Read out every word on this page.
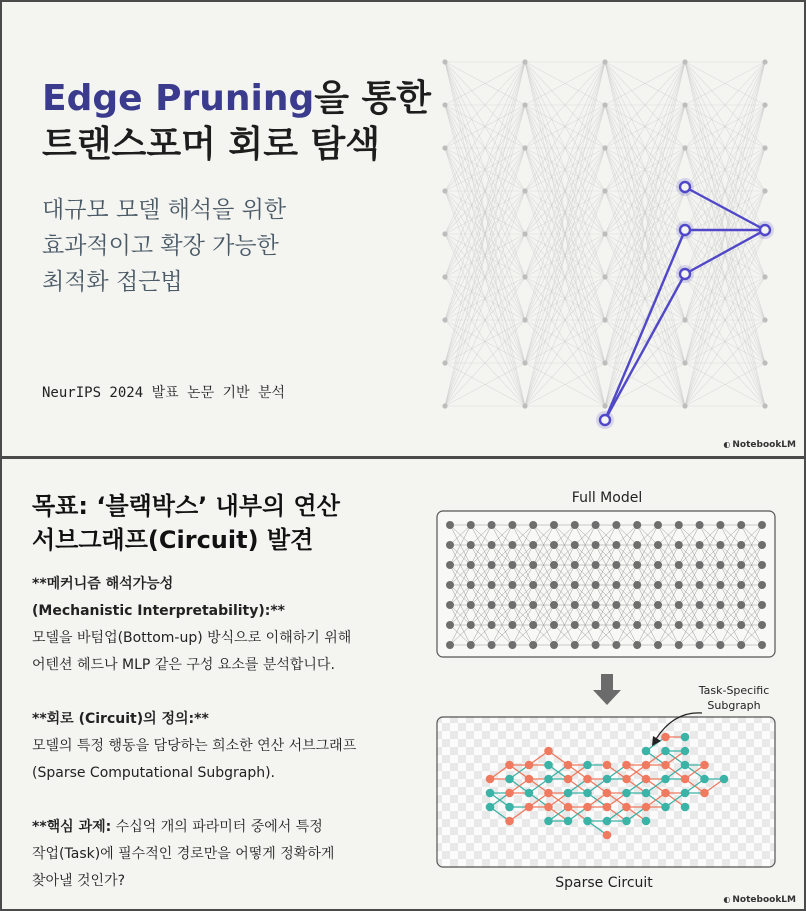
Edge Pruning을 통한
트랜스포머 회로 탐색
대규모 모델 해석을 위한
효과적이고 확장 가능한
최적화 접근법
NeurIPS 2024 발표 논문 기반 분석
◐ NotebookLM
Full Model
Task-Specific
Subgraph
Sparse Circuit
목표: ‘블랙박스’ 내부의 연산
서브그래프(Circuit) 발견
**메커니즘 해석가능성
(Mechanistic Interpretability):**
모델을 바텀업(Bottom-up) 방식으로 이해하기 위해
어텐션 헤드나 MLP 같은 구성 요소를 분석합니다.
**회로 (Circuit)의 정의:**
모델의 특정 행동을 담당하는 희소한 연산 서브그래프
(Sparse Computational Subgraph).
**핵심 과제: 수십억 개의 파라미터 중에서 특정
작업(Task)에 필수적인 경로만을 어떻게 정확하게
찾아낼 것인가?
◐ NotebookLM
